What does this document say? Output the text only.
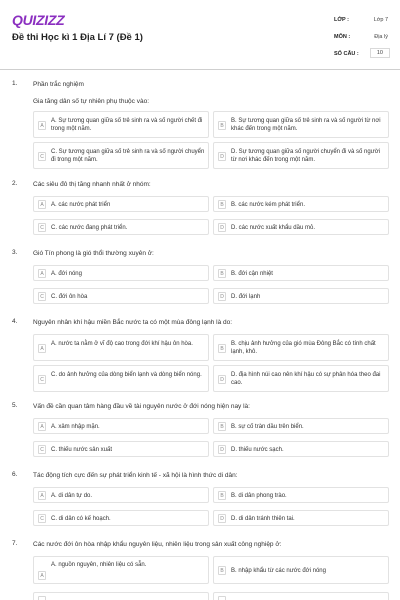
QUIZIZZ
Đề thi Học kì 1 Địa Lí 7 (Đề 1)
LỚP :	Lớp 7
MÔN :	Địa lý
SỐ CÂU :	10
1. Phần trắc nghiệm
Gia tăng dân số tự nhiên phụ thuộc vào:
A
A. Sự tương quan giữa số trẻ sinh ra và số người chết đi trong một năm.	B
B. Sự tương quan giữa số trẻ sinh ra và số người từ nơi khác đến trong một năm.
C
C. Sự tương quan giữa số trẻ sinh ra và số người chuyển đi trong một năm.	D
D. Sự tương quan giữa số người chuyển đi và số người từ nơi khác đến trong một năm.
2. Các siêu đô thị tăng nhanh nhất ở nhóm:
A	A. các nước phát triển	B	B. các nước kém phát triển.
C	C. các nước đang phát triển.	D	D. các nước xuất khẩu dầu mỏ.
3. Gió Tín phong là gió thổi thường xuyên ở:
A	A. đới nóng	B	B. đới cận nhiệt
C	C. đới ôn hòa	D	D. đới lạnh
4. Nguyên nhân khí hậu miền Bắc nước ta có một mùa đông lạnh là do:
A
A. nước ta nằm ở vĩ độ cao trong đới khí hậu ôn hòa.
B
B. chịu ảnh hưởng của gió mùa Đông Bắc có tính chất lạnh, khô.
C
C. do ảnh hưởng của dòng biển lạnh và dòng biển nóng.
D
D. địa hình núi cao nên khí hậu có sự phân hóa theo đai cao.
5. Vấn đề cần quan tâm hàng đầu về tài nguyên nước ở đới nóng hiện nay là:
A	A. xâm nhập mặn.	B	B. sự cố tràn dầu trên biển.
C	C. thiếu nước sản xuất	D	D. thiếu nước sạch.
6. Tác động tích cực đến sự phát triển kinh tế - xã hội là hình thức di dân:
A	A. di dân tự do.	B	B. di dân phong trào.
C	C. di dân có kế hoạch.	D	D. di dân tránh thiên tai.
7. Các nước đới ôn hòa nhập khẩu nguyên liệu, nhiên liệu trong sản xuất công nghiệp ở:
A
A. nguồn nguyên, nhiên liệu có sẵn.
B	B. nhập khẩu từ các nước đới nóng
